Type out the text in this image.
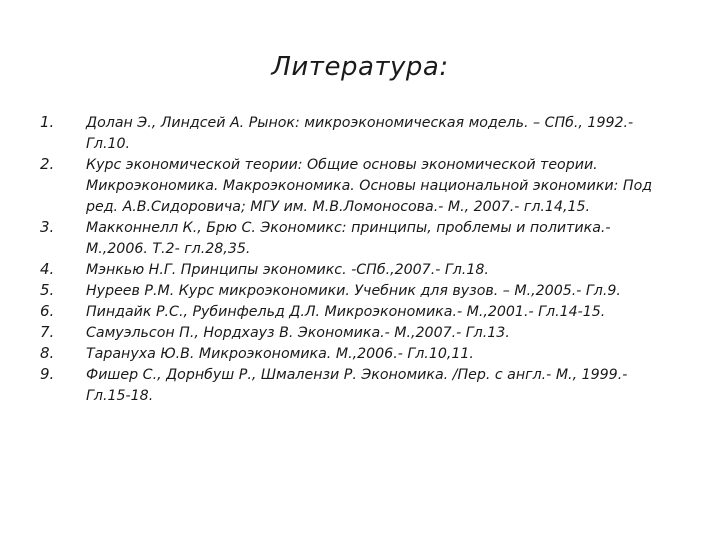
Литература:
1.	Долан Э., Линдсей А. Рынок: микроэкономическая модель. – СПб., 1992.-
Гл.10.
2.	Курс экономической теории: Общие основы экономической теории.
Микроэкономика. Макроэкономика. Основы национальной экономики: Под
ред. А.В.Сидоровича; МГУ им. М.В.Ломоносова.- М., 2007.- гл.14,15.
3.	Макконнелл К., Брю С. Экономикс: принципы, проблемы и политика.-
М.,2006. Т.2- гл.28,35.
4.	Мэнкью Н.Г. Принципы экономикс. -СПб.,2007.- Гл.18.
5.	Нуреев Р.М. Курс микроэкономики. Учебник для вузов. – М.,2005.- Гл.9.
6.	Пиндайк Р.С., Рубинфельд Д.Л. Микроэкономика.- М.,2001.- Гл.14-15.
7.	Самуэльсон П., Нордхауз В. Экономика.- М.,2007.- Гл.13.
8.	Тарануха Ю.В. Микроэкономика. М.,2006.- Гл.10,11.
9.	Фишер С., Дорнбуш Р., Шмалензи Р. Экономика. /Пер. с англ.- М., 1999.-
Гл.15-18.
